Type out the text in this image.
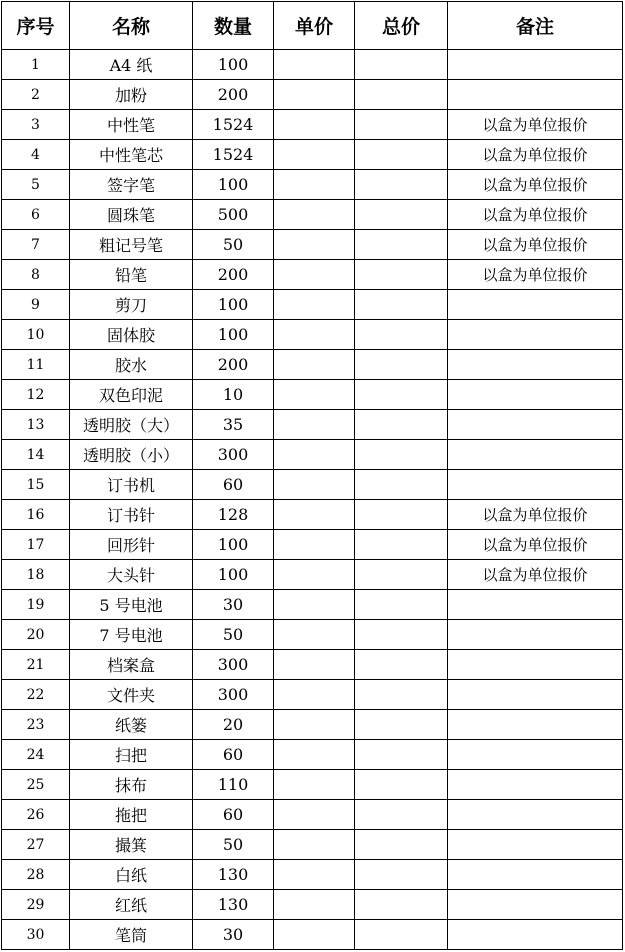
序号	名称	数量	单价	总价	备注
1	A4 纸	100			
2	加粉	200			
3	中性笔	1524			以盒为单位报价
4	中性笔芯	1524			以盒为单位报价
5	签字笔	100			以盒为单位报价
6	圆珠笔	500			以盒为单位报价
7	粗记号笔	50			以盒为单位报价
8	铅笔	200			以盒为单位报价
9	剪刀	100			
10	固体胶	100			
11	胶水	200			
12	双色印泥	10			
13	透明胶（大）	35			
14	透明胶（小）	300			
15	订书机	60			
16	订书针	128			以盒为单位报价
17	回形针	100			以盒为单位报价
18	大头针	100			以盒为单位报价
19	5 号电池	30			
20	7 号电池	50			
21	档案盒	300			
22	文件夹	300			
23	纸篓	20			
24	扫把	60			
25	抹布	110			
26	拖把	60			
27	撮箕	50			
28	白纸	130			
29	红纸	130			
30	笔筒	30			
